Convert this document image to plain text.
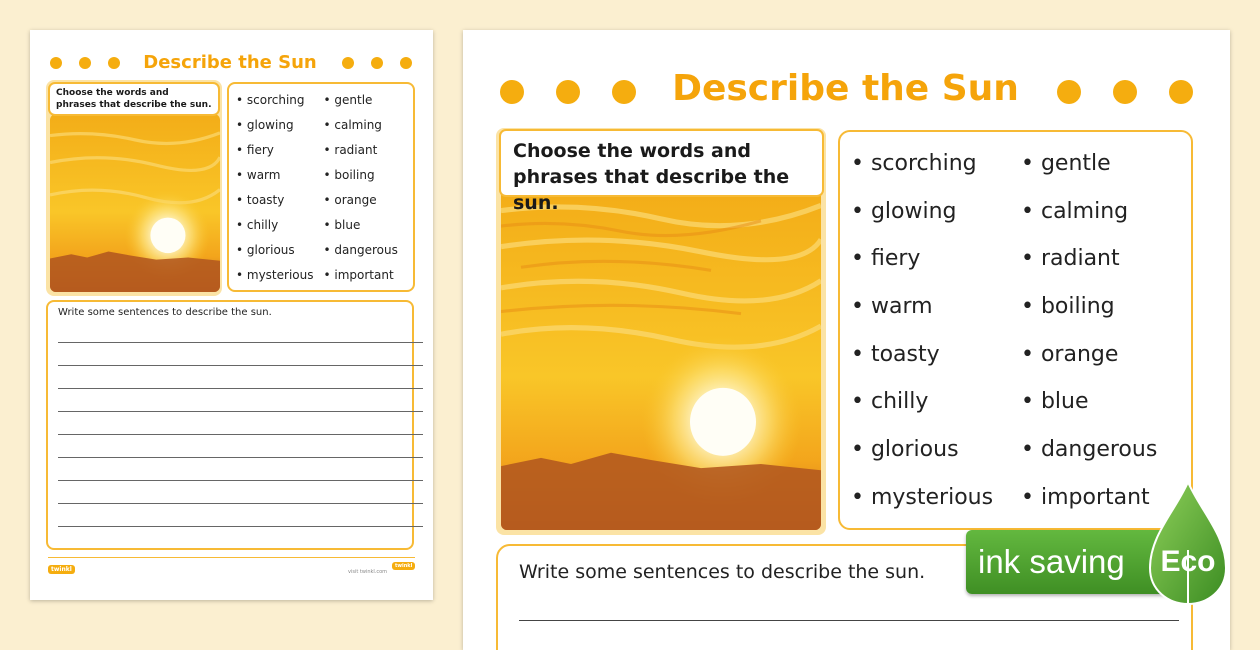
Describe the Sun
Choose the words and phrases that describe the sun.	• scorching	• gentle
• glowing	• calming
• fiery	• radiant
• warm	• boiling
• toasty	• orange
• chilly	• blue
• glorious	• dangerous
• mysterious • important
Write some sentences to describe the sun.
twinkl	visit twinkl.com
twinkl
Describe the Sun
Choose the words and phrases that describe the sun.
• scorching	• gentle
• glowing	• calming
• fiery	• radiant
• warm	• boiling
• toasty	• orange
• chilly	• blue
• glorious	• dangerous
• mysterious	• important
Write some sentences to describe the sun.	ink saving	Eco
